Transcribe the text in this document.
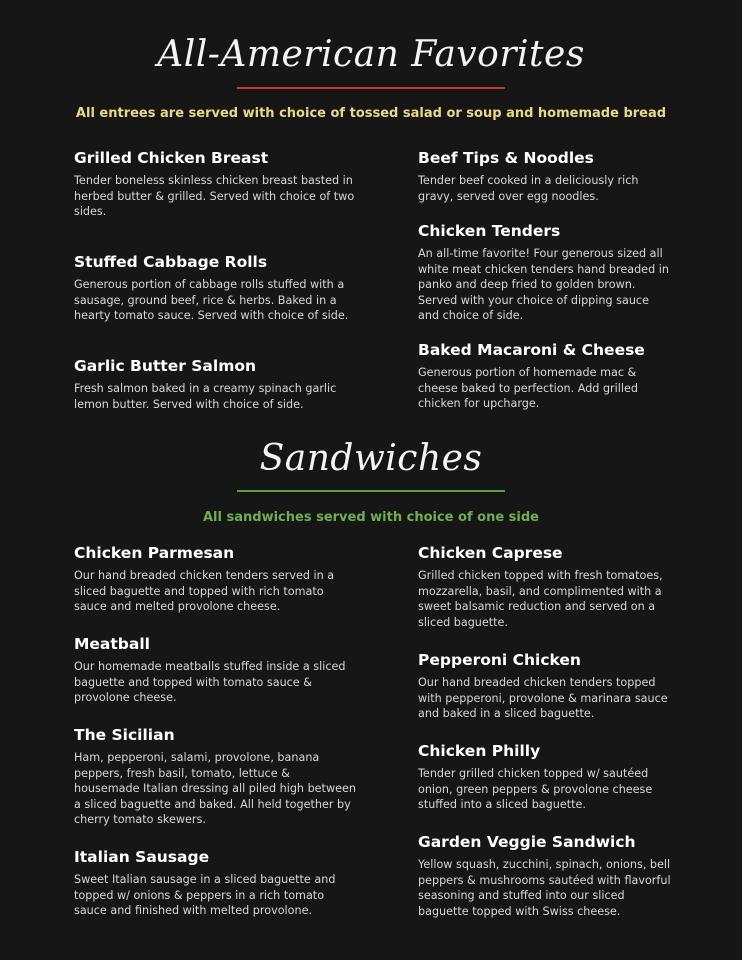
All-American Favorites
All entrees are served with choice of tossed salad or soup and homemade bread
Grilled Chicken Breast
Tender boneless skinless chicken breast basted in herbed butter & grilled. Served with choice of two sides.
Stuffed Cabbage Rolls
Generous portion of cabbage rolls stuffed with a sausage, ground beef, rice & herbs. Baked in a hearty tomato sauce. Served with choice of side.
Garlic Butter Salmon
Fresh salmon baked in a creamy spinach garlic lemon butter. Served with choice of side.
Beef Tips & Noodles
Tender beef cooked in a deliciously rich gravy, served over egg noodles.
Chicken Tenders
An all-time favorite! Four generous sized all white meat chicken tenders hand breaded in panko and deep fried to golden brown. Served with your choice of dipping sauce and choice of side.
Baked Macaroni & Cheese
Generous portion of homemade mac & cheese baked to perfection. Add grilled chicken for upcharge.
Sandwiches
All sandwiches served with choice of one side
Chicken Parmesan
Our hand breaded chicken tenders served in a sliced baguette and topped with rich tomato sauce and melted provolone cheese.
Meatball
Our homemade meatballs stuffed inside a sliced baguette and topped with tomato sauce & provolone cheese.
The Sicilian
Ham, pepperoni, salami, provolone, banana peppers, fresh basil, tomato, lettuce & housemade Italian dressing all piled high between a sliced baguette and baked. All held together by cherry tomato skewers.
Italian Sausage
Sweet Italian sausage in a sliced baguette and topped w/ onions & peppers in a rich tomato sauce and finished with melted provolone.
Chicken Caprese
Grilled chicken topped with fresh tomatoes, mozzarella, basil, and complimented with a sweet balsamic reduction and served on a sliced baguette.
Pepperoni Chicken
Our hand breaded chicken tenders topped with pepperoni, provolone & marinara sauce and baked in a sliced baguette.
Chicken Philly
Tender grilled chicken topped w/ sautéed onion, green peppers & provolone cheese stuffed into a sliced baguette.
Garden Veggie Sandwich
Yellow squash, zucchini, spinach, onions, bell peppers & mushrooms sautéed with flavorful seasoning and stuffed into our sliced baguette topped with Swiss cheese.
